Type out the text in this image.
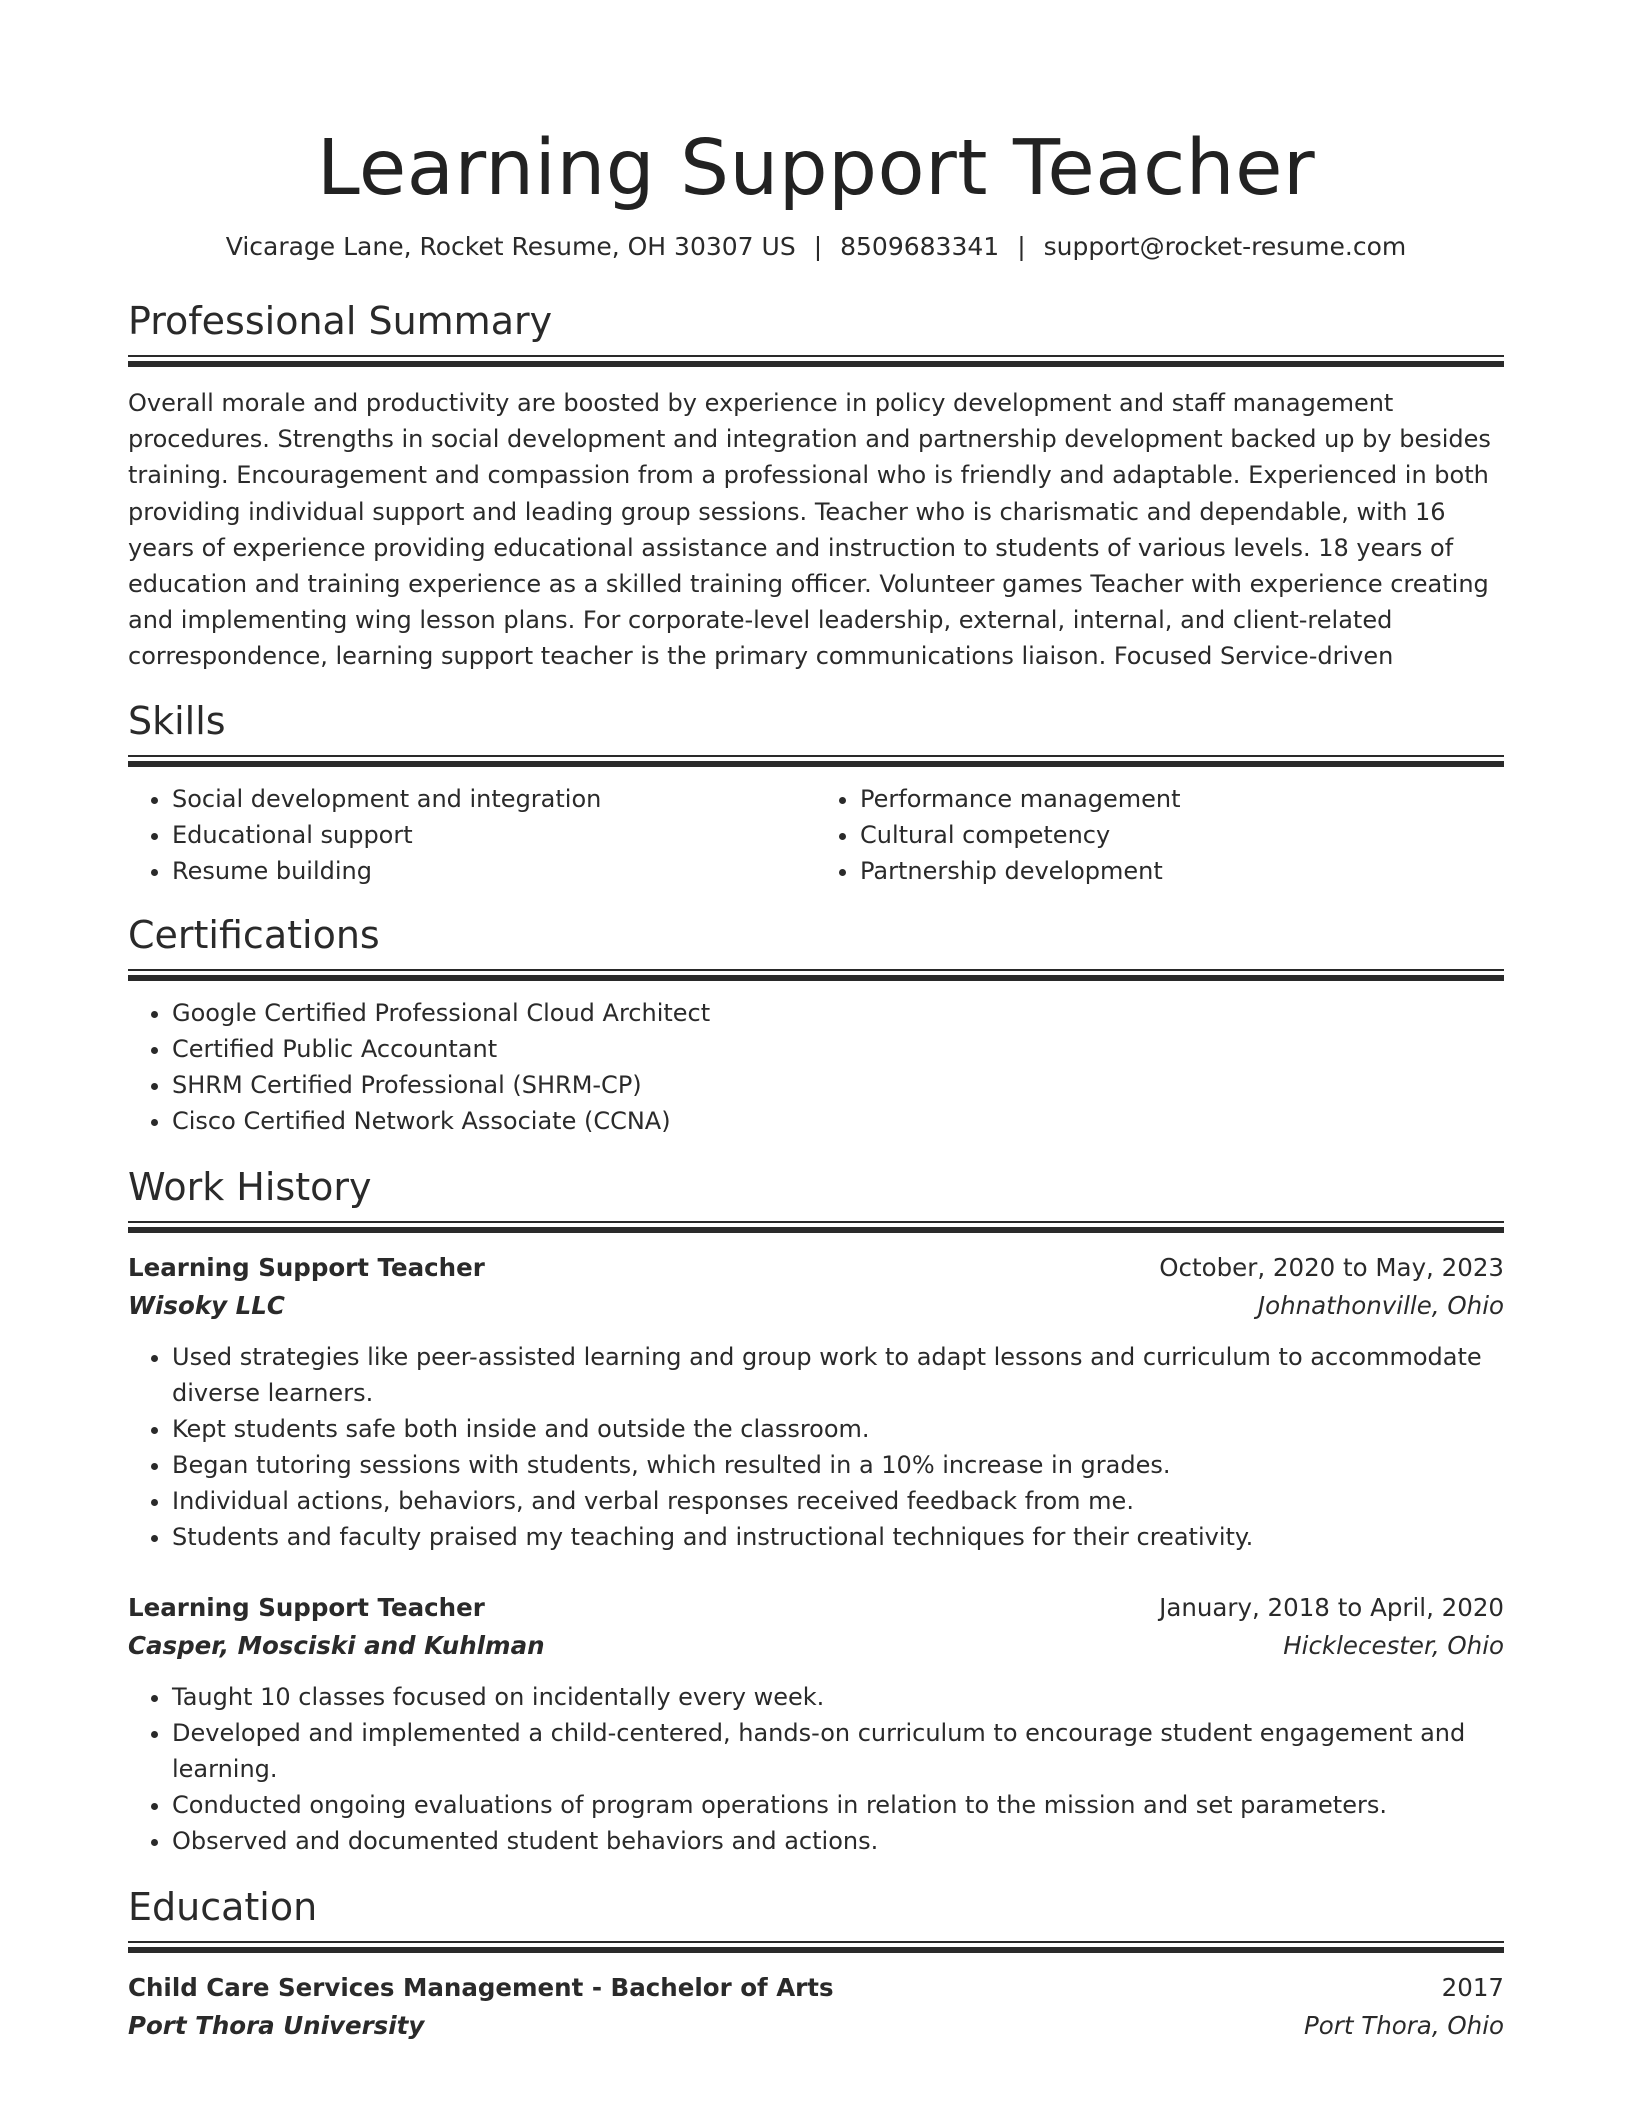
Learning Support Teacher
Vicarage Lane, Rocket Resume, OH 30307 US | 8509683341 | support@rocket-resume.com
Professional Summary

Overall morale and productivity are boosted by experience in policy development and staff management procedures. Strengths in social development and integration and partnership development backed up by besides training. Encouragement and compassion from a professional who is friendly and adaptable. Experienced in both providing individual support and leading group sessions. Teacher who is charismatic and dependable, with 16 years of experience providing educational assistance and instruction to students of various levels. 18 years of education and training experience as a skilled training officer. Volunteer games Teacher with experience creating and implementing wing lesson plans. For corporate-level leadership, external, internal, and client-related correspondence, learning support teacher is the primary communications liaison. Focused Service-driven

Skills
• Social development and integration
• Educational support
• Resume building
• Performance management
• Cultural competency
• Partnership development
Certifications
• Google Certified Professional Cloud Architect
• Certified Public Accountant
• SHRM Certified Professional (SHRM-CP)
• Cisco Certified Network Associate (CCNA)
Work History
Learning Support Teacher	October, 2020 to May, 2023
Wisoky LLC	Johnathonville, Ohio
• Used strategies like peer-assisted learning and group work to adapt lessons and curriculum to accommodate diverse learners.
• Kept students safe both inside and outside the classroom.
• Began tutoring sessions with students, which resulted in a 10% increase in grades.
• Individual actions, behaviors, and verbal responses received feedback from me.
• Students and faculty praised my teaching and instructional techniques for their creativity.
Learning Support Teacher	January, 2018 to April, 2020
Casper, Mosciski and Kuhlman	Hicklecester, Ohio
• Taught 10 classes focused on incidentally every week.
• Developed and implemented a child-centered, hands-on curriculum to encourage student engagement and learning.
• Conducted ongoing evaluations of program operations in relation to the mission and set parameters.
• Observed and documented student behaviors and actions.
Education
Child Care Services Management - Bachelor of Arts	2017
Port Thora University	Port Thora, Ohio
